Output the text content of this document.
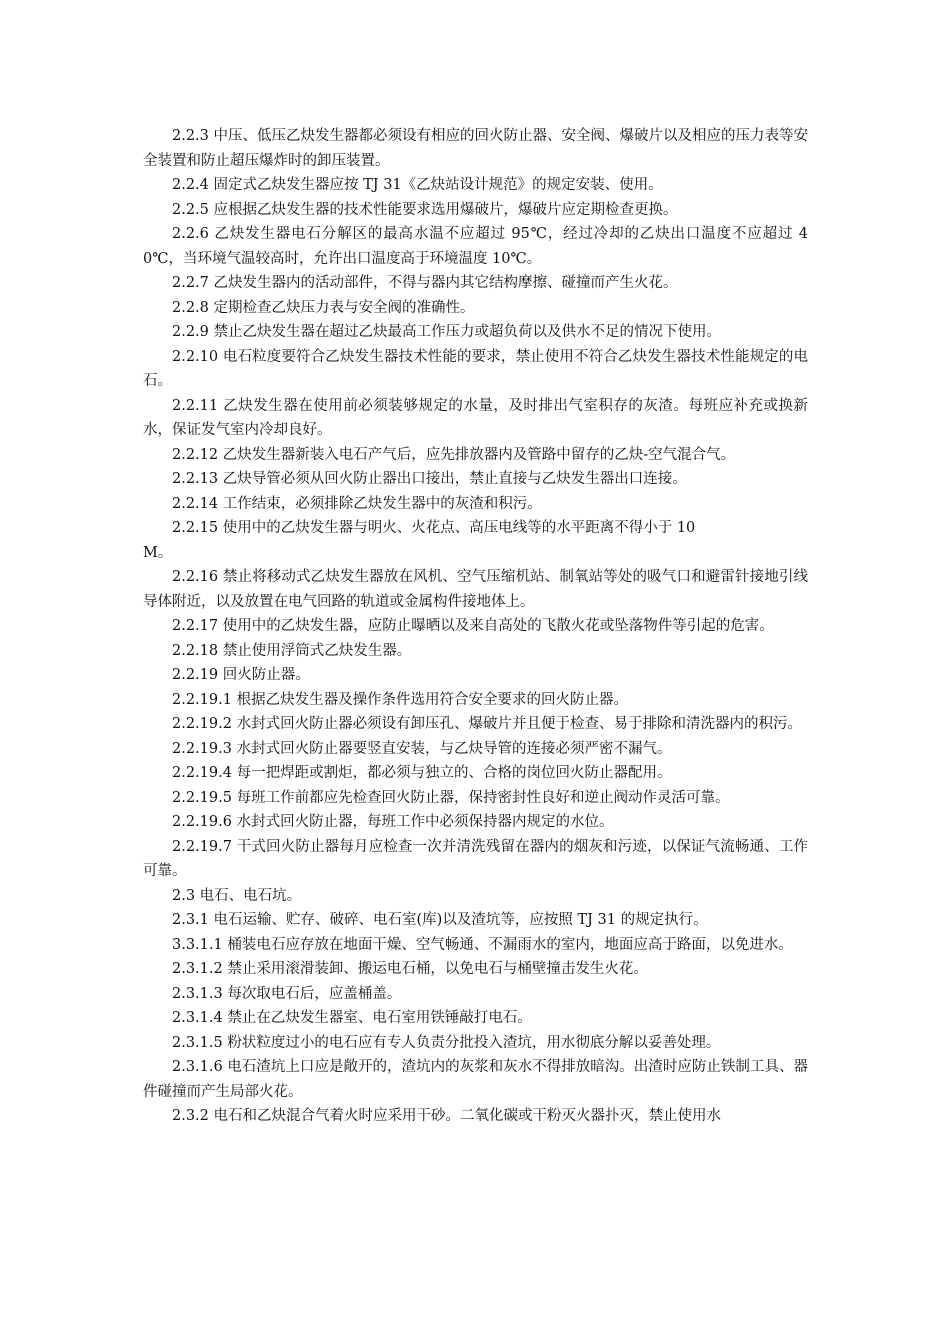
2.2.3 中压、低压乙炔发生器都必须设有相应的回火防止器、安全阀、爆破片以及相应的压力表等安全装置和防止超压爆炸时的卸压装置。

2.2.4 固定式乙炔发生器应按 TJ 31《乙炔站设计规范》的规定安装、使用。

2.2.5 应根据乙炔发生器的技术性能要求选用爆破片，爆破片应定期检查更换。

2.2.6 乙炔发生器电石分解区的最高水温不应超过 95℃，经过冷却的乙炔出口温度不应超过 40℃，当环境气温较高时，允许出口温度高于环境温度 10℃。

2.2.7 乙炔发生器内的活动部件，不得与器内其它结构摩擦、碰撞而产生火花。

2.2.8 定期检查乙炔压力表与安全阀的准确性。

2.2.9 禁止乙炔发生器在超过乙炔最高工作压力或超负荷以及供水不足的情况下使用。

2.2.10 电石粒度要符合乙炔发生器技术性能的要求，禁止使用不符合乙炔发生器技术性能规定的电石。

2.2.11 乙炔发生器在使用前必须装够规定的水量，及时排出气室积存的灰渣。每班应补充或换新水，保证发气室内冷却良好。

2.2.12 乙炔发生器新装入电石产气后，应先排放器内及管路中留存的乙炔-空气混合气。

2.2.13 乙炔导管必须从回火防止器出口接出，禁止直接与乙炔发生器出口连接。

2.2.14 工作结束，必须排除乙炔发生器中的灰渣和积污。

2.2.15 使用中的乙炔发生器与明火、火花点、高压电线等的水平距离不得小于 10

M。

2.2.16 禁止将移动式乙炔发生器放在风机、空气压缩机站、制氧站等处的吸气口和避雷针接地引线导体附近，以及放置在电气回路的轨道或金属构件接地体上。

2.2.17 使用中的乙炔发生器，应防止曝晒以及来自高处的飞散火花或坠落物件等引起的危害。

2.2.18 禁止使用浮筒式乙炔发生器。

2.2.19 回火防止器。

2.2.19.1 根据乙炔发生器及操作条件选用符合安全要求的回火防止器。

2.2.19.2 水封式回火防止器必须设有卸压孔、爆破片并且便于检查、易于排除和清洗器内的积污。

2.2.19.3 水封式回火防止器要竖直安装，与乙炔导管的连接必须严密不漏气。

2.2.19.4 每一把焊距或割炬，都必须与独立的、合格的岗位回火防止器配用。

2.2.19.5 每班工作前都应先检查回火防止器，保持密封性良好和逆止阀动作灵活可靠。

2.2.19.6 水封式回火防止器，每班工作中必须保持器内规定的水位。

2.2.19.7 干式回火防止器每月应检查一次并清洗残留在器内的烟灰和污迹，以保证气流畅通、工作可靠。

2.3 电石、电石坑。

2.3.1 电石运输、贮存、破碎、电石室(库)以及渣坑等，应按照 TJ 31 的规定执行。

3.3.1.1 桶装电石应存放在地面干燥、空气畅通、不漏雨水的室内，地面应高于路面，以免进水。

2.3.1.2 禁止采用滚滑装卸、搬运电石桶，以免电石与桶壁撞击发生火花。

2.3.1.3 每次取电石后，应盖桶盖。

2.3.1.4 禁止在乙炔发生器室、电石室用铁锤敲打电石。

2.3.1.5 粉状粒度过小的电石应有专人负责分批投入渣坑，用水彻底分解以妥善处理。

2.3.1.6 电石渣坑上口应是敞开的，渣坑内的灰浆和灰水不得排放暗沟。出渣时应防止铁制工具、器件碰撞而产生局部火花。

2.3.2 电石和乙炔混合气着火时应采用干砂。二氧化碳或干粉灭火器扑灭，禁止使用水
